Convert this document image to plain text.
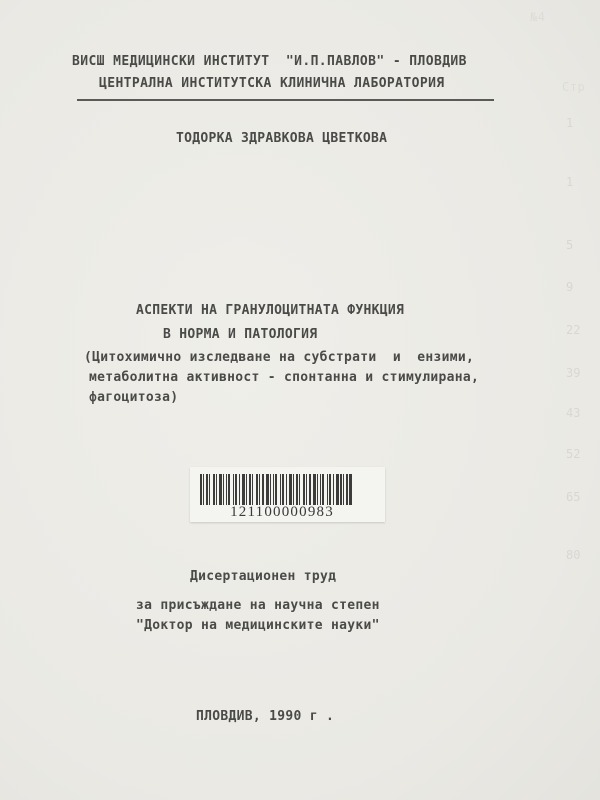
№4
Стр
1
1
5
9
22
39
43
52
65
80
ВИСШ МЕДИЦИНСКИ ИНСТИТУТ  "И.П.ПАВЛОВ" - ПЛОВДИВ
ЦЕНТРАЛНА ИНСТИТУТСКА КЛИНИЧНА ЛАБОРАТОРИЯ
ТОДОРКА ЗДРАВКОВА ЦВЕТКОВА
АСПЕКТИ НА ГРАНУЛОЦИТНАТА ФУНКЦИЯ
В НОРМА И ПАТОЛОГИЯ
(Цитохимично изследване на субстрати  и  ензими,
метаболитна активност - спонтанна и стимулирана,
фагоцитоза)
121100000983
Дисертационен труд
за присъждане на научна степен
"Доктор на медицинските науки"
ПЛОВДИВ, 1990 г .
